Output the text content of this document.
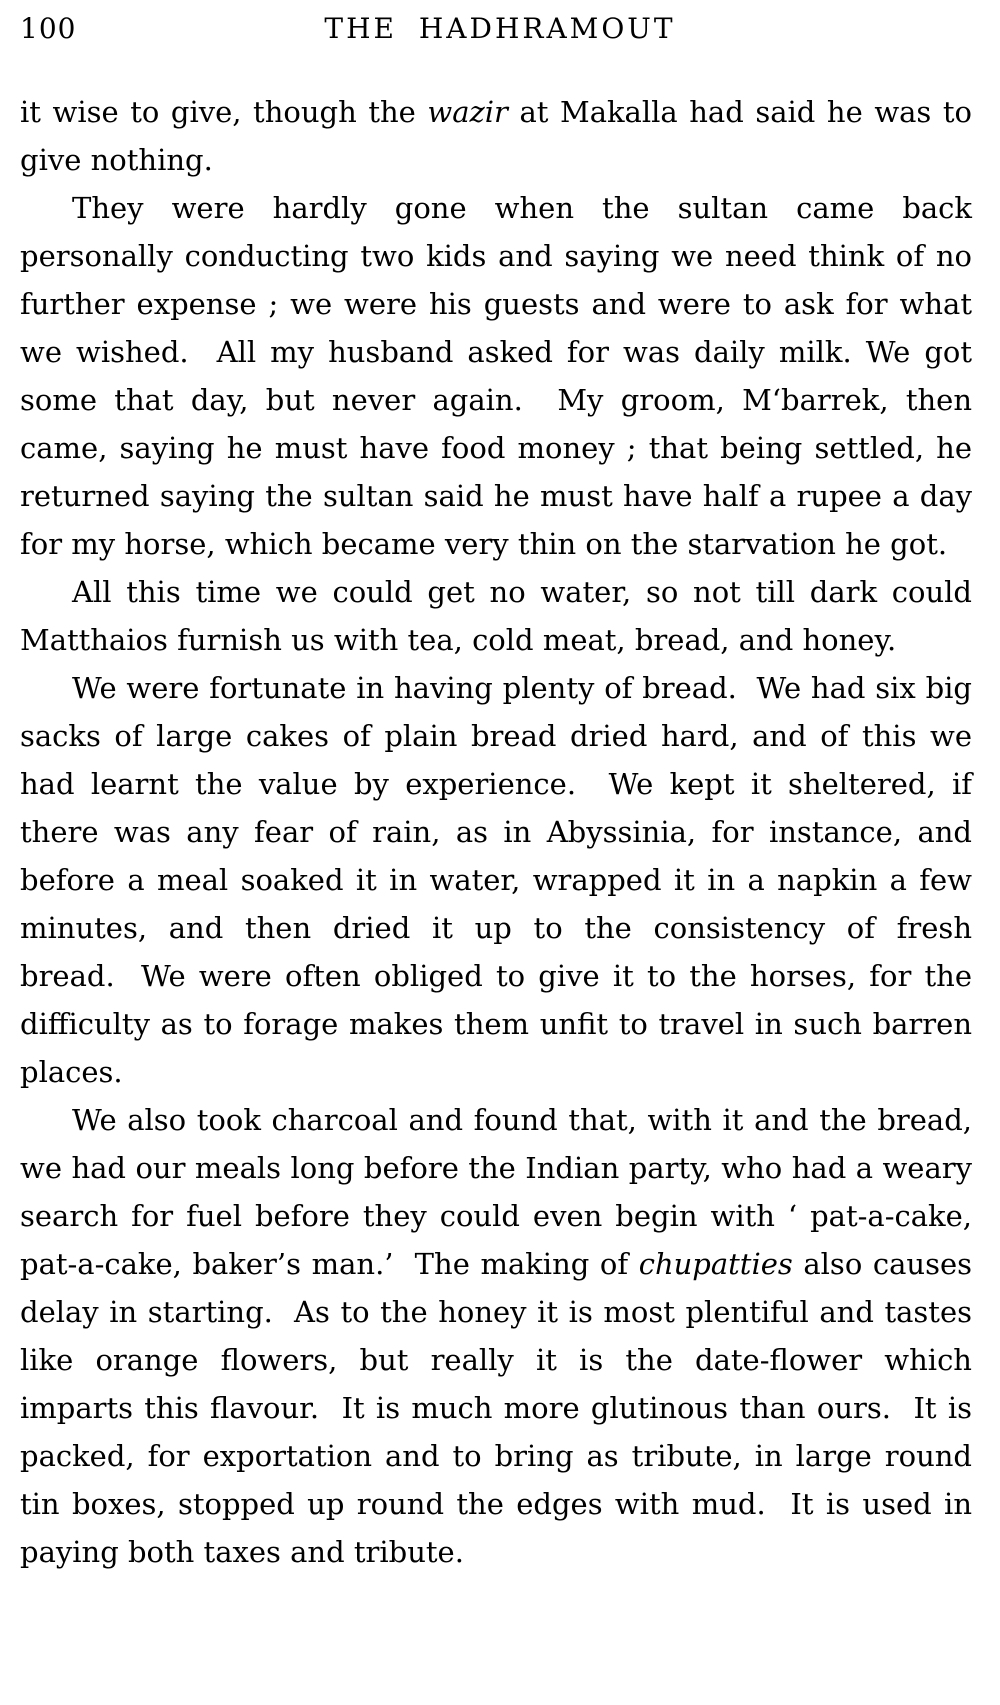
100	THE HADHRAMOUT

it wise to give, though the wazir at Makalla had said he was to give nothing.

They were hardly gone when the sultan came back personally conducting two kids and saying we need think of no further expense ; we were his guests and were to ask for what we wished.  All my husband asked for was daily milk. We got some that day, but never again.  My groom, M‘barrek, then came, saying he must have food money ; that being settled, he returned saying the sultan said he must have half a rupee a day for my horse, which became very thin on the starvation he got.

All this time we could get no water, so not till dark could Matthaios furnish us with tea, cold meat, bread, and honey.

We were fortunate in having plenty of bread.  We had six big sacks of large cakes of plain bread dried hard, and of this we had learnt the value by experience.  We kept it sheltered, if there was any fear of rain, as in Abyssinia, for instance, and before a meal soaked it in water, wrapped it in a napkin a few minutes, and then dried it up to the consistency of fresh bread.  We were often obliged to give it to the horses, for the difficulty as to forage makes them unfit to travel in such barren places.

We also took charcoal and found that, with it and the bread, we had our meals long before the Indian party, who had a weary search for fuel before they could even begin with ‘ pat-a-cake, pat-a-cake, baker’s man.’  The making of chupatties also causes delay in starting.  As to the honey it is most plentiful and tastes like orange flowers, but really it is the date-flower which imparts this flavour.  It is much more glutinous than ours.  It is packed, for exportation and to bring as tribute, in large round tin boxes, stopped up round the edges with mud.  It is used in paying both taxes and tribute.
